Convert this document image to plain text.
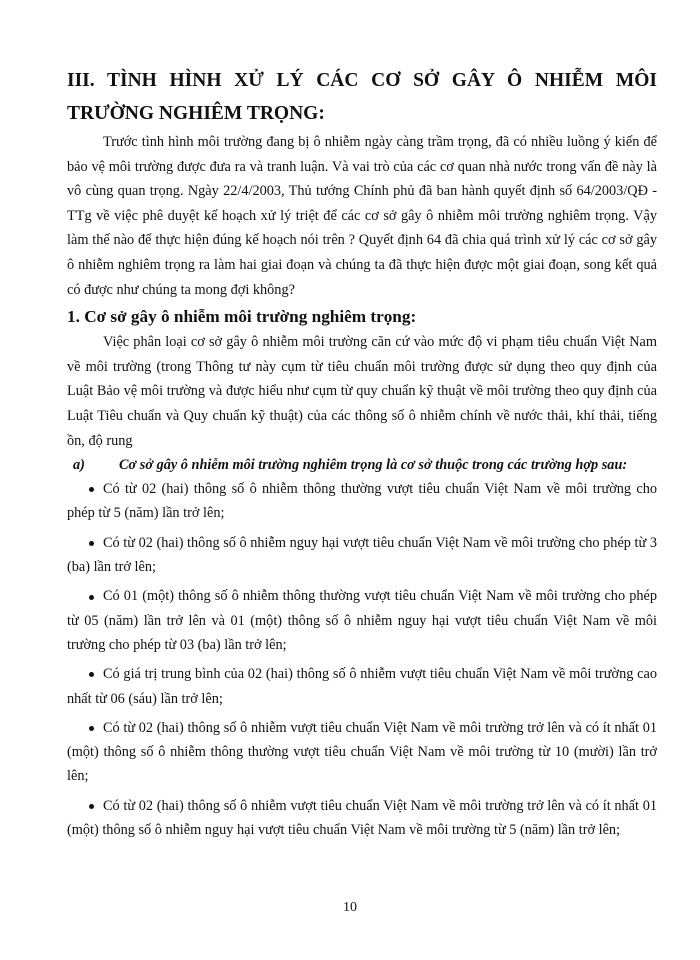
III. TÌNH HÌNH XỬ LÝ CÁC CƠ SỞ GÂY Ô NHIỄM MÔI TRƯỜNG NGHIÊM TRỌNG:

Trước tình hình môi trường đang bị ô nhiễm ngày càng trầm trọng, đã có nhiều luồng ý kiến để bảo vệ môi trường được đưa ra và tranh luận. Và vai trò của các cơ quan nhà nước trong vấn đề này là vô cùng quan trọng. Ngày 22/4/2003, Thủ tướng Chính phủ đã ban hành quyết định số 64/2003/QĐ - TTg về việc phê duyệt kế hoạch xử lý triệt để các cơ sở gây ô nhiễm môi trường nghiêm trọng. Vậy làm thế nào để thực hiện đúng kế hoạch nói trên ? Quyết định 64 đã chia quá trình xử lý các cơ sở gây ô nhiễm nghiêm trọng ra làm hai giai đoạn và chúng ta đã thực hiện được một giai đoạn, song kết quả có được như chúng ta mong đợi không?

1. Cơ sở gây ô nhiễm môi trường nghiêm trọng:

Việc phân loại cơ sở gây ô nhiễm môi trường căn cứ vào mức độ vi phạm tiêu chuẩn Việt Nam về môi trường (trong Thông tư này cụm từ tiêu chuẩn môi trường được sử dụng theo quy định của Luật Bảo vệ môi trường và được hiểu như cụm từ quy chuẩn kỹ thuật về môi trường theo quy định của Luật Tiêu chuẩn và Quy chuẩn kỹ thuật) của các thông số ô nhiễm chính về nước thải, khí thải, tiếng ồn, độ rung

a)	Cơ sở gây ô nhiễm môi trường nghiêm trọng là cơ sở thuộc trong các trường hợp sau:
Có từ 02 (hai) thông số ô nhiễm thông thường vượt tiêu chuẩn Việt Nam về môi trường cho phép từ 5 (năm) lần trở lên;
Có từ 02 (hai) thông số ô nhiễm nguy hại vượt tiêu chuẩn Việt Nam về môi trường cho phép từ 3 (ba) lần trở lên;
Có 01 (một) thông số ô nhiễm thông thường vượt tiêu chuẩn Việt Nam về môi trường cho phép từ 05 (năm) lần trở lên và 01 (một) thông số ô nhiễm nguy hại vượt tiêu chuẩn Việt Nam về môi trường cho phép từ 03 (ba) lần trở lên;
Có giá trị trung bình của 02 (hai) thông số ô nhiễm vượt tiêu chuẩn Việt Nam về môi trường cao nhất từ 06 (sáu) lần trở lên;
Có từ 02 (hai) thông số ô nhiễm vượt tiêu chuẩn Việt Nam về môi trường trở lên và có ít nhất 01 (một) thông số ô nhiễm thông thường vượt tiêu chuẩn Việt Nam về môi trường từ 10 (mười) lần trở lên;
Có từ 02 (hai) thông số ô nhiễm vượt tiêu chuẩn Việt Nam về môi trường trở lên và có ít nhất 01 (một) thông số ô nhiễm nguy hại vượt tiêu chuẩn Việt Nam về môi trường từ 5 (năm) lần trở lên;
10
